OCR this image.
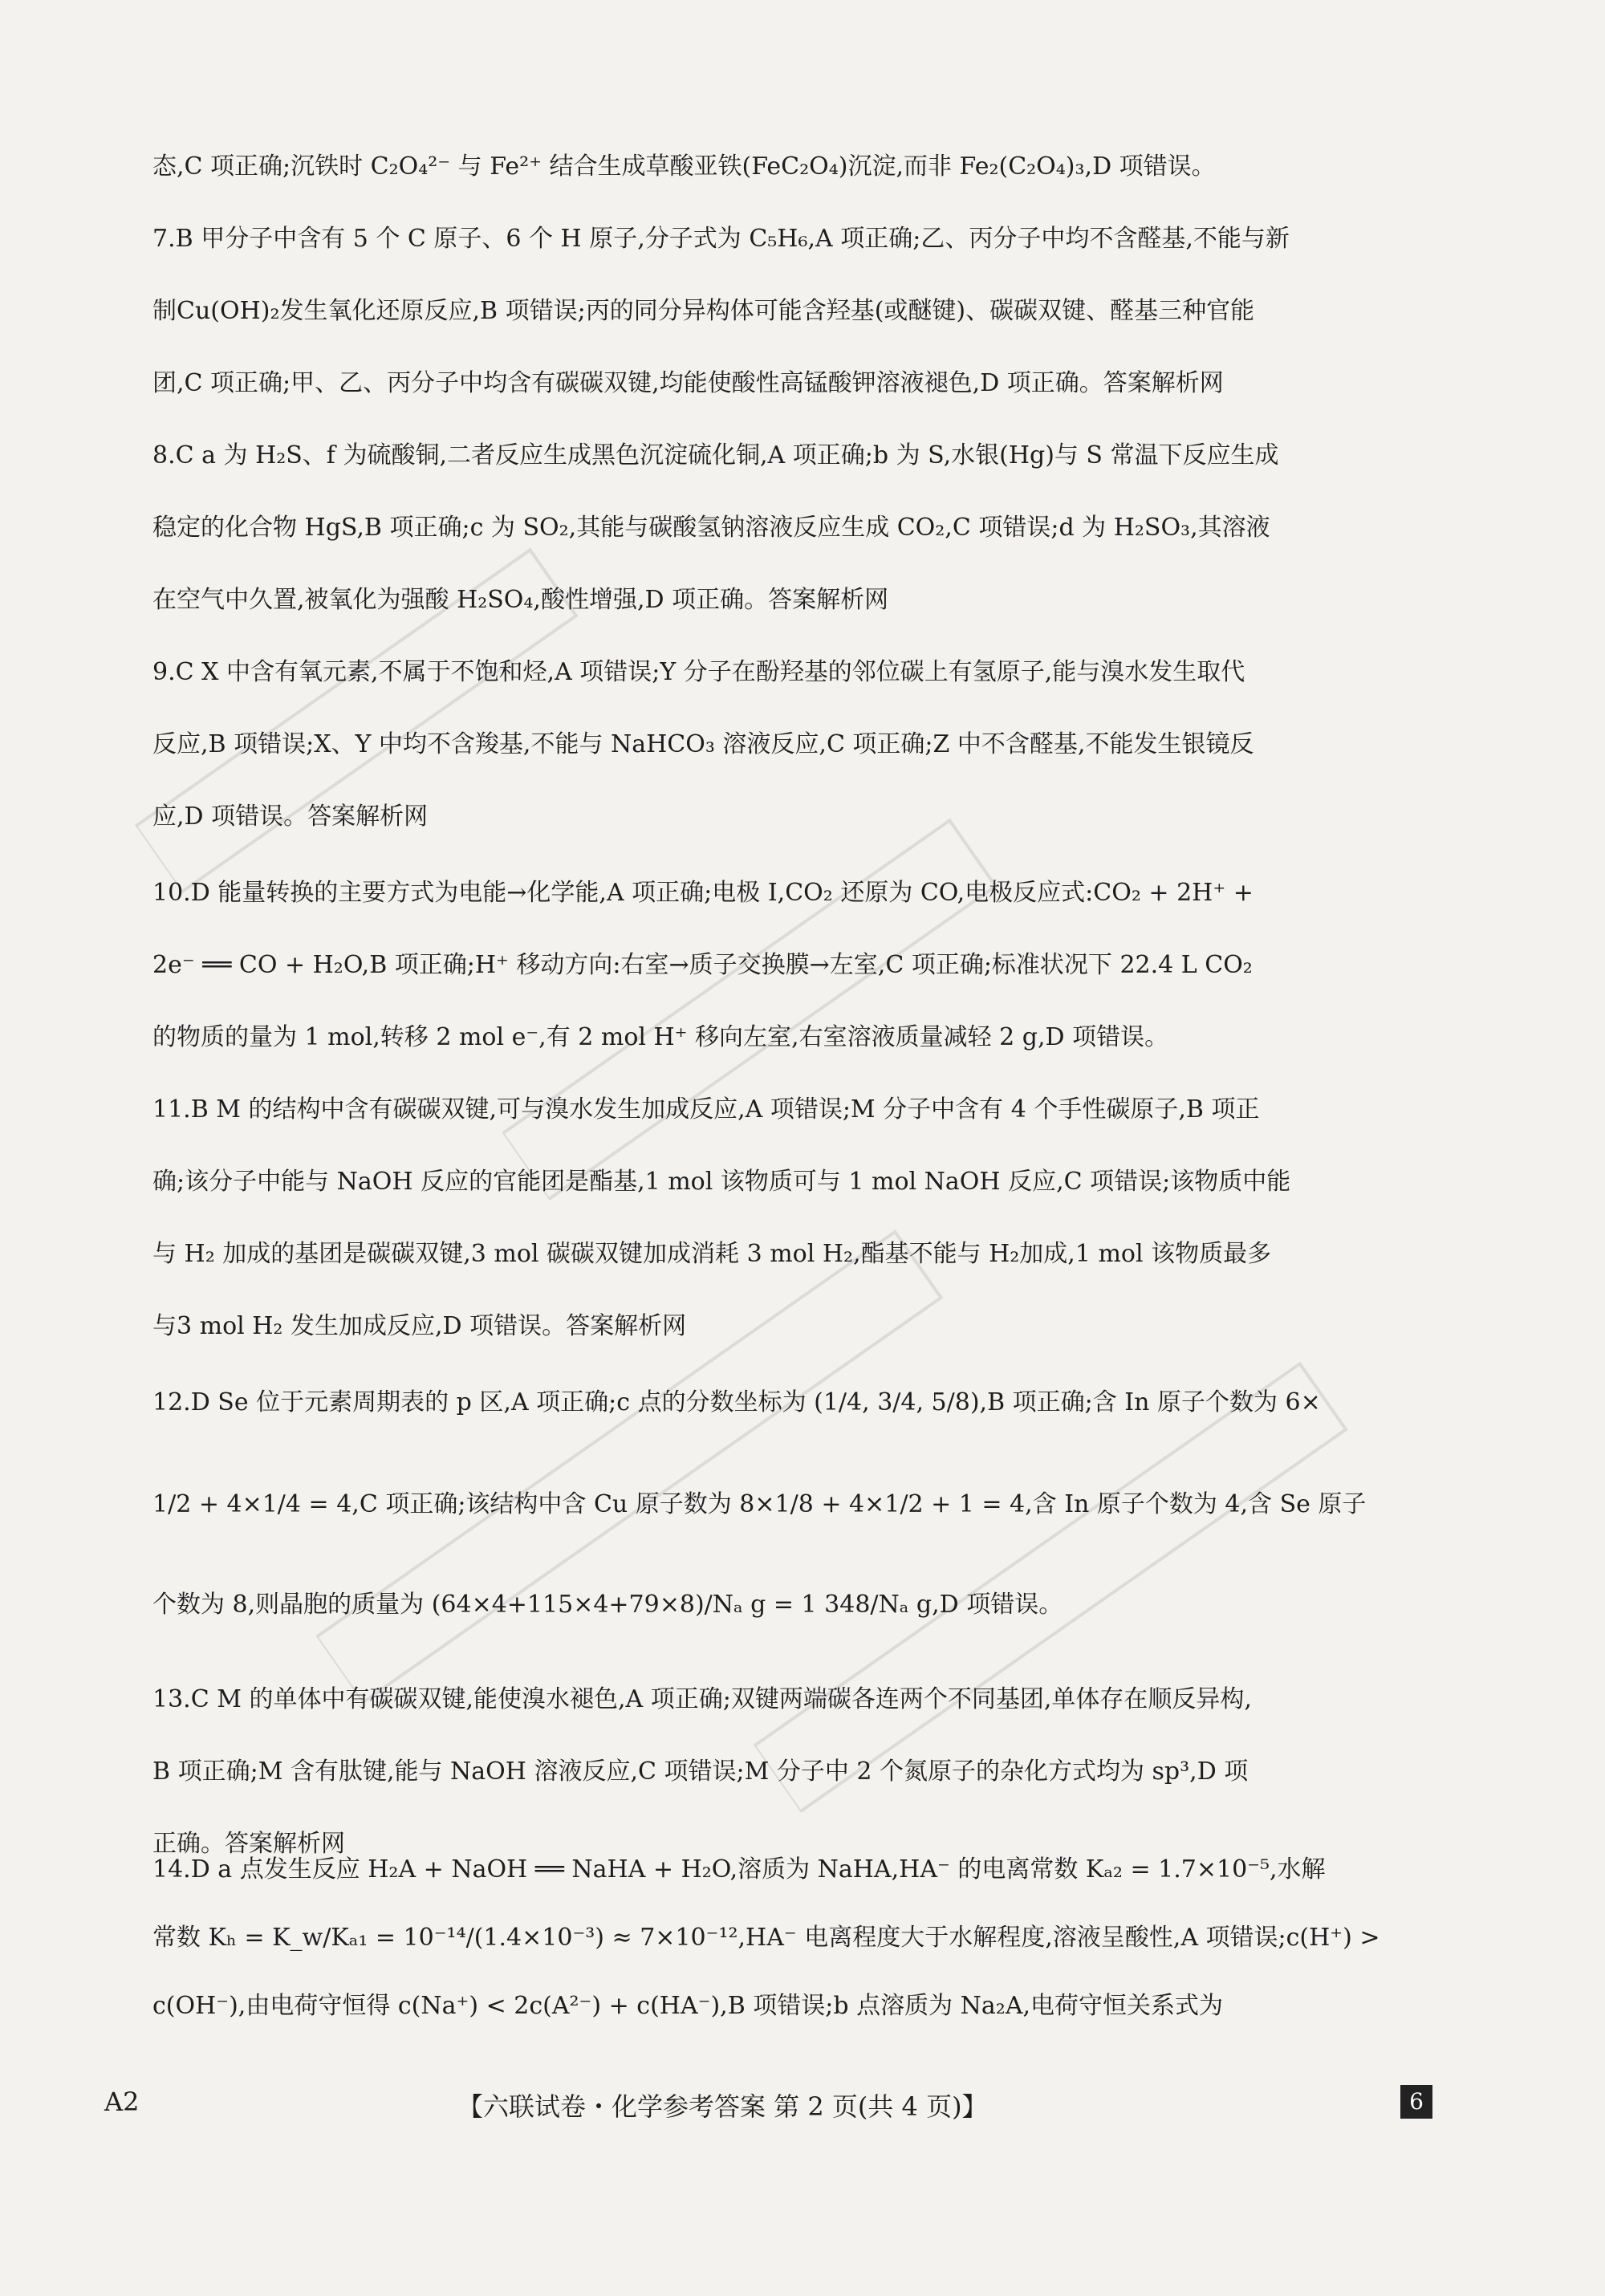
态,C 项正确;沉铁时 C₂O₄²⁻ 与 Fe²⁺ 结合生成草酸亚铁(FeC₂O₄)沉淀,而非 Fe₂(C₂O₄)₃,D 项错误。
7.B 甲分子中含有 5 个 C 原子、6 个 H 原子,分子式为 C₅H₆,A 项正确;乙、丙分子中均不含醛基,不能与新
制Cu(OH)₂发生氧化还原反应,B 项错误;丙的同分异构体可能含羟基(或醚键)、碳碳双键、醛基三种官能
团,C 项正确;甲、乙、丙分子中均含有碳碳双键,均能使酸性高锰酸钾溶液褪色,D 项正确。答案解析网
8.C a 为 H₂S、f 为硫酸铜,二者反应生成黑色沉淀硫化铜,A 项正确;b 为 S,水银(Hg)与 S 常温下反应生成
稳定的化合物 HgS,B 项正确;c 为 SO₂,其能与碳酸氢钠溶液反应生成 CO₂,C 项错误;d 为 H₂SO₃,其溶液
在空气中久置,被氧化为强酸 H₂SO₄,酸性增强,D 项正确。答案解析网
9.C X 中含有氧元素,不属于不饱和烃,A 项错误;Y 分子在酚羟基的邻位碳上有氢原子,能与溴水发生取代
反应,B 项错误;X、Y 中均不含羧基,不能与 NaHCO₃ 溶液反应,C 项正确;Z 中不含醛基,不能发生银镜反
应,D 项错误。答案解析网
10.D 能量转换的主要方式为电能→化学能,A 项正确;电极 Ⅰ,CO₂ 还原为 CO,电极反应式:CO₂ + 2H⁺ +
2e⁻ ══ CO + H₂O,B 项正确;H⁺ 移动方向:右室→质子交换膜→左室,C 项正确;标准状况下 22.4 L CO₂
的物质的量为 1 mol,转移 2 mol e⁻,有 2 mol H⁺ 移向左室,右室溶液质量减轻 2 g,D 项错误。
11.B M 的结构中含有碳碳双键,可与溴水发生加成反应,A 项错误;M 分子中含有 4 个手性碳原子,B 项正
确;该分子中能与 NaOH 反应的官能团是酯基,1 mol 该物质可与 1 mol NaOH 反应,C 项错误;该物质中能
与 H₂ 加成的基团是碳碳双键,3 mol 碳碳双键加成消耗 3 mol H₂,酯基不能与 H₂加成,1 mol 该物质最多
与3 mol H₂ 发生加成反应,D 项错误。答案解析网
12.D Se 位于元素周期表的 p 区,A 项正确;c 点的分数坐标为 (1/4, 3/4, 5/8),B 项正确;含 In 原子个数为 6×
1/2 + 4×1/4 = 4,C 项正确;该结构中含 Cu 原子数为 8×1/8 + 4×1/2 + 1 = 4,含 In 原子个数为 4,含 Se 原子
个数为 8,则晶胞的质量为 (64×4+115×4+79×8)/Nₐ g = 1 348/Nₐ g,D 项错误。
13.C M 的单体中有碳碳双键,能使溴水褪色,A 项正确;双键两端碳各连两个不同基团,单体存在顺反异构,
B 项正确;M 含有肽键,能与 NaOH 溶液反应,C 项错误;M 分子中 2 个氮原子的杂化方式均为 sp³,D 项
正确。答案解析网
14.D a 点发生反应 H₂A + NaOH ══ NaHA + H₂O,溶质为 NaHA,HA⁻ 的电离常数 Kₐ₂ = 1.7×10⁻⁵,水解
常数 Kₕ = K_w/Kₐ₁ = 10⁻¹⁴/(1.4×10⁻³) ≈ 7×10⁻¹²,HA⁻ 电离程度大于水解程度,溶液呈酸性,A 项错误;c(H⁺) >
c(OH⁻),由电荷守恒得 c(Na⁺) < 2c(A²⁻) + c(HA⁻),B 项错误;b 点溶质为 Na₂A,电荷守恒关系式为
A2	【六联试卷・化学参考答案 第 2 页(共 4 页)】	6
